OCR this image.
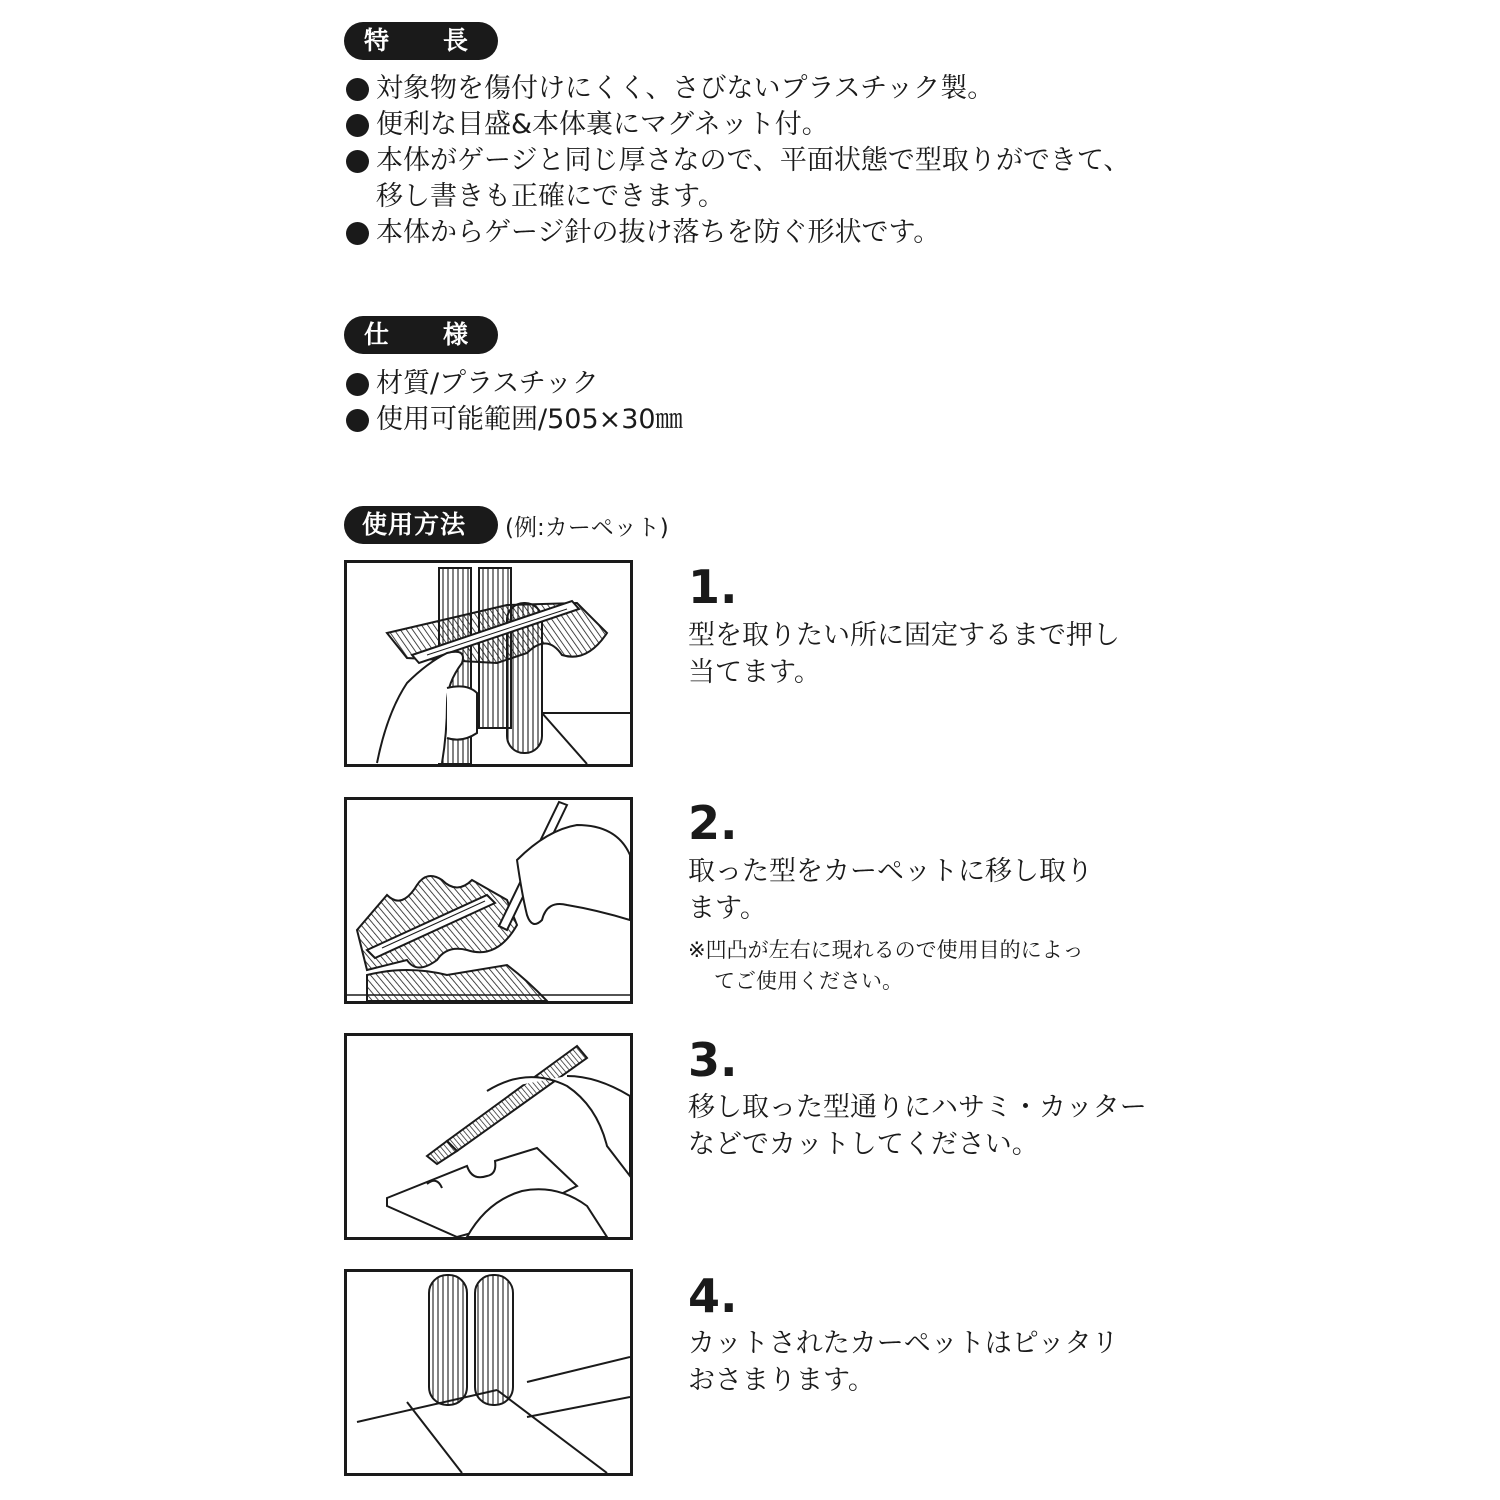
特 長
対象物を傷付けにくく、さびないプラスチック製。
便利な目盛&本体裏にマグネット付。
本体がゲージと同じ厚さなので、平面状態で型取りができて、
移し書きも正確にできます。
本体からゲージ針の抜け落ちを防ぐ形状です。
仕 様
材質/プラスチック
使用可能範囲/505×30㎜
使用方法	(例:カーペット)
1.
型を取りたい所に固定するまで押し
当てます。
2.
取った型をカーペットに移し取り
ます。
※凹凸が左右に現れるので使用目的によっ
てご使用ください。
3.
移し取った型通りにハサミ・カッター
などでカットしてください。
4.
カットされたカーペットはピッタリ
おさまります。
